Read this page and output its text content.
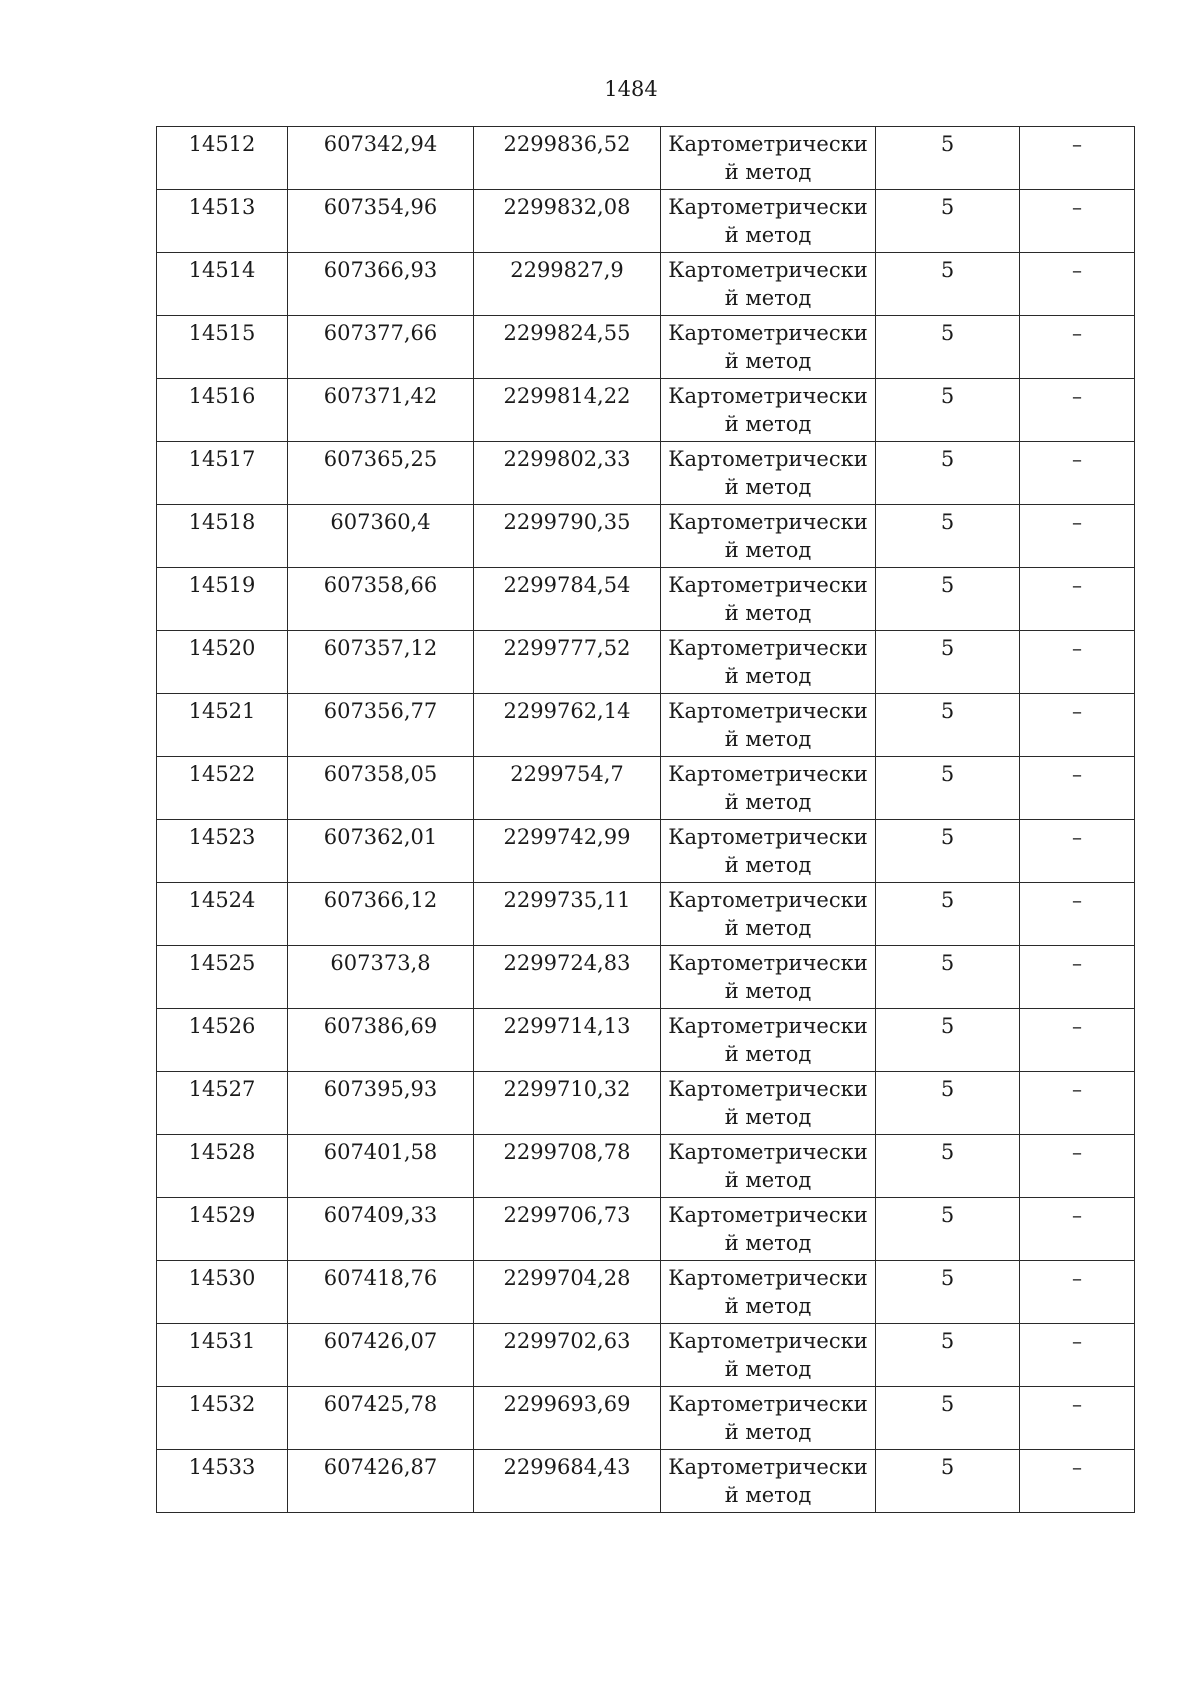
1484
14512	607342,94	2299836,52	Картометрически й метод	5	–

14513	607354,96	2299832,08	Картометрически й метод	5	–

14514	607366,93	2299827,9	Картометрически й метод	5	–

14515	607377,66	2299824,55	Картометрически й метод	5	–

14516	607371,42	2299814,22	Картометрически й метод	5	–

14517	607365,25	2299802,33	Картометрически й метод	5	–

14518	607360,4	2299790,35	Картометрически й метод	5	–

14519	607358,66	2299784,54	Картометрически й метод	5	–

14520	607357,12	2299777,52	Картометрически й метод	5	–

14521	607356,77	2299762,14	Картометрически й метод	5	–

14522	607358,05	2299754,7	Картометрически й метод	5	–

14523	607362,01	2299742,99	Картометрически й метод	5	–

14524	607366,12	2299735,11	Картометрически й метод	5	–

14525	607373,8	2299724,83	Картометрически й метод	5	–

14526	607386,69	2299714,13	Картометрически й метод	5	–

14527	607395,93	2299710,32	Картометрически й метод	5	–

14528	607401,58	2299708,78	Картометрически й метод	5	–

14529	607409,33	2299706,73	Картометрически й метод	5	–

14530	607418,76	2299704,28	Картометрически й метод	5	–

14531	607426,07	2299702,63	Картометрически й метод	5	–

14532	607425,78	2299693,69	Картометрически й метод	5	–

14533	607426,87	2299684,43	Картометрически й метод	5	–
